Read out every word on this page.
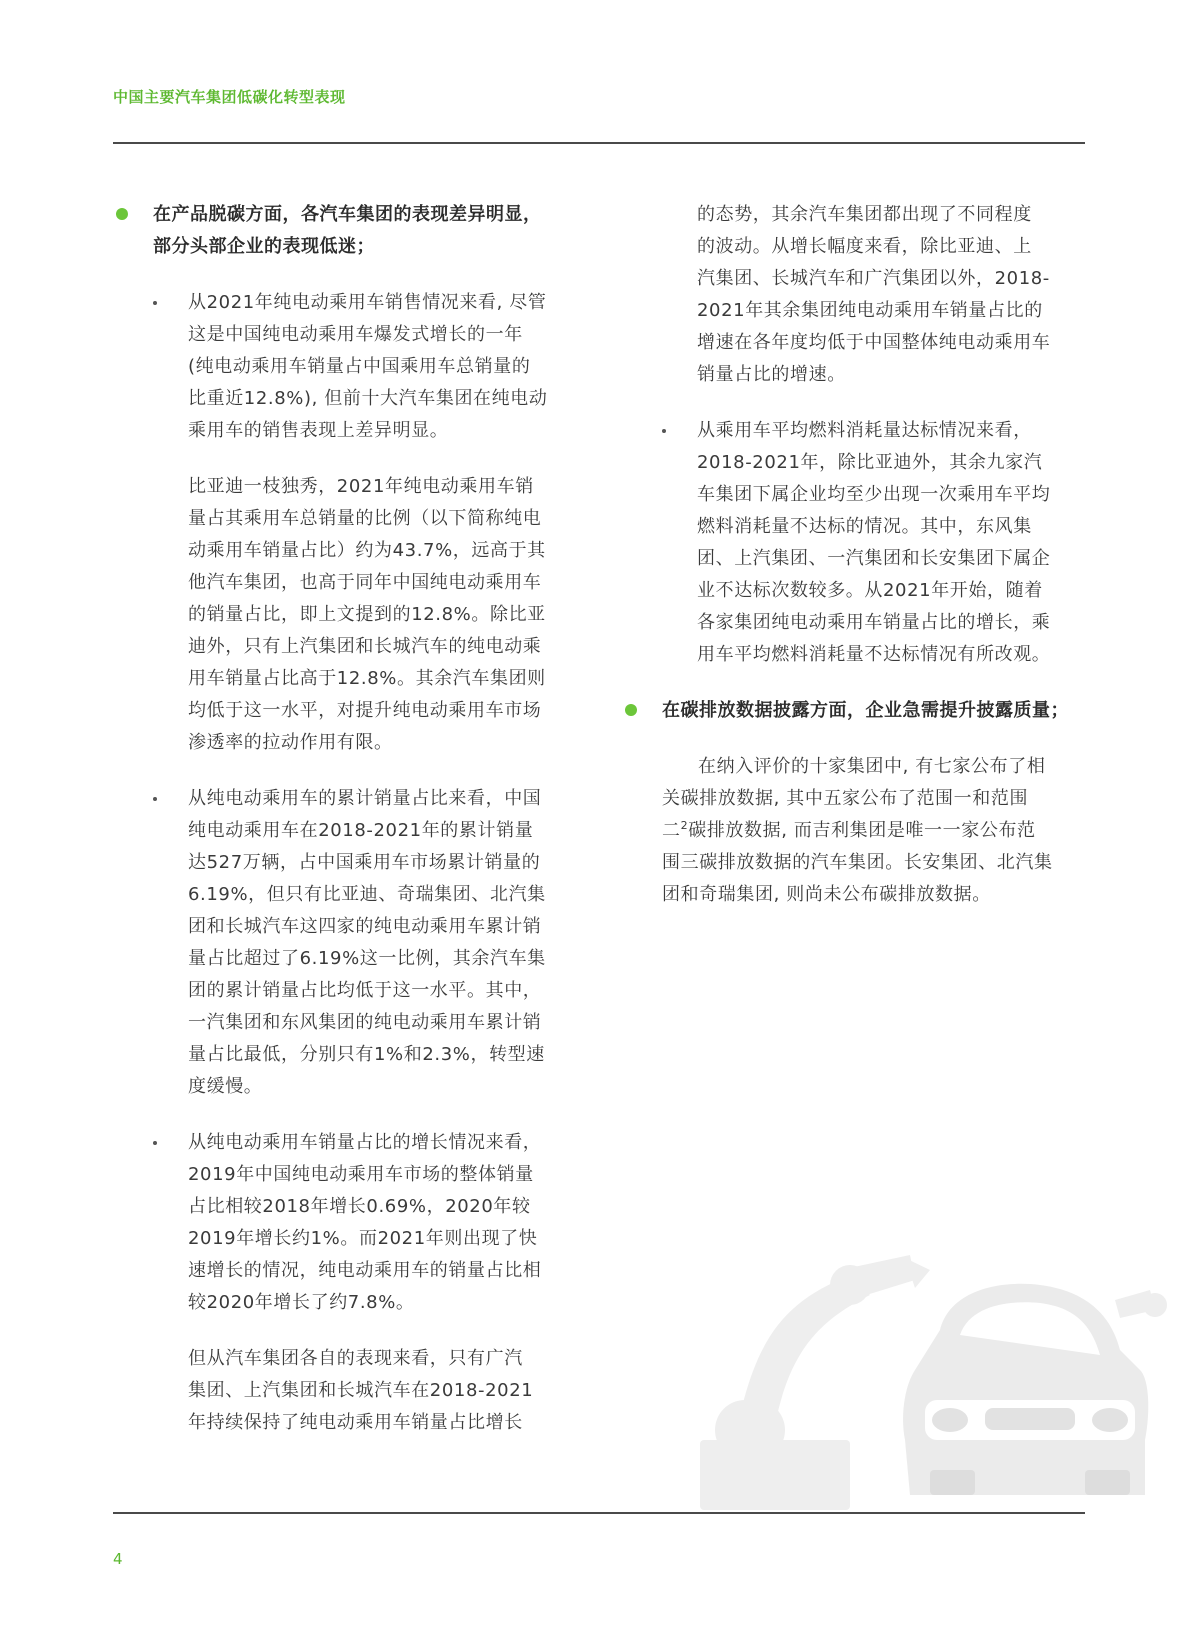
中国主要汽车集团低碳化转型表现
在产品脱碳方面，各汽车集团的表现差异明显，
部分头部企业的表现低迷；
从2021年纯电动乘用车销售情况来看, 尽管
这是中国纯电动乘用车爆发式增长的一年
(纯电动乘用车销量占中国乘用车总销量的
比重近12.8%), 但前十大汽车集团在纯电动
乘用车的销售表现上差异明显。
比亚迪一枝独秀，2021年纯电动乘用车销
量占其乘用车总销量的比例（以下简称纯电
动乘用车销量占比）约为43.7%，远高于其
他汽车集团，也高于同年中国纯电动乘用车
的销量占比，即上文提到的12.8%。除比亚
迪外，只有上汽集团和长城汽车的纯电动乘
用车销量占比高于12.8%。其余汽车集团则
均低于这一水平，对提升纯电动乘用车市场
渗透率的拉动作用有限。
从纯电动乘用车的累计销量占比来看，中国
纯电动乘用车在2018-2021年的累计销量
达527万辆，占中国乘用车市场累计销量的
6.19%，但只有比亚迪、奇瑞集团、北汽集
团和长城汽车这四家的纯电动乘用车累计销
量占比超过了6.19%这一比例，其余汽车集
团的累计销量占比均低于这一水平。其中，
一汽集团和东风集团的纯电动乘用车累计销
量占比最低，分别只有1%和2.3%，转型速
度缓慢。
从纯电动乘用车销量占比的增长情况来看，
2019年中国纯电动乘用车市场的整体销量
占比相较2018年增长0.69%，2020年较
2019年增长约1%。而2021年则出现了快
速增长的情况，纯电动乘用车的销量占比相
较2020年增长了约7.8%。
但从汽车集团各自的表现来看，只有广汽
集团、上汽集团和长城汽车在2018-2021
年持续保持了纯电动乘用车销量占比增长
的态势，其余汽车集团都出现了不同程度
的波动。从增长幅度来看，除比亚迪、上
汽集团、长城汽车和广汽集团以外，2018-
2021年其余集团纯电动乘用车销量占比的
增速在各年度均低于中国整体纯电动乘用车
销量占比的增速。
从乘用车平均燃料消耗量达标情况来看，
2018-2021年，除比亚迪外，其余九家汽
车集团下属企业均至少出现一次乘用车平均
燃料消耗量不达标的情况。其中，东风集
团、上汽集团、一汽集团和长安集团下属企
业不达标次数较多。从2021年开始，随着
各家集团纯电动乘用车销量占比的增长，乘
用车平均燃料消耗量不达标情况有所改观。
在碳排放数据披露方面，企业急需提升披露质量；
在纳入评价的十家集团中, 有七家公布了相
关碳排放数据, 其中五家公布了范围一和范围
二$^2$碳排放数据, 而吉利集团是唯一一家公布范
围三碳排放数据的汽车集团。长安集团、北汽集
团和奇瑞集团, 则尚未公布碳排放数据。
4
